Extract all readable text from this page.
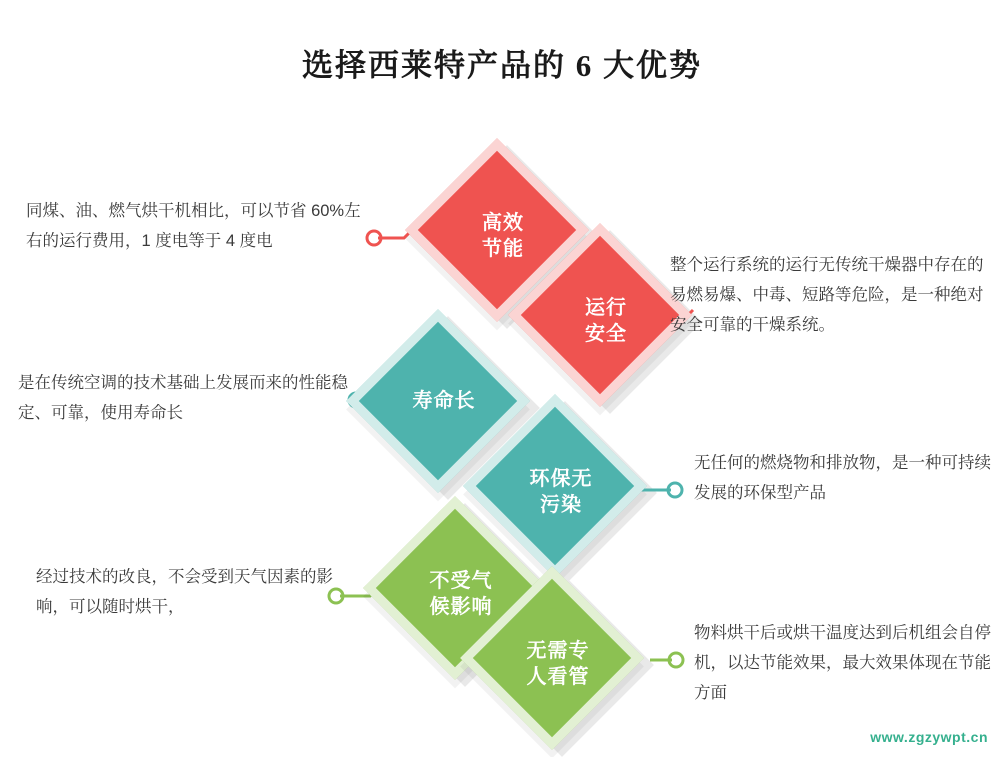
选择西莱特产品的 6 大优势
高效
节能
运行
安全
寿命长
环保无
污染
不受气
候影响
无需专
人看管
同煤、油、燃气烘干机相比，可以节省 60%左右的运行费用，1 度电等于 4 度电
整个运行系统的运行无传统干燥器中存在的易燃易爆、中毒、短路等危险，是一种绝对安全可靠的干燥系统。
是在传统空调的技术基础上发展而来的性能稳定、可靠，使用寿命长
无任何的燃烧物和排放物，是一种可持续发展的环保型产品
经过技术的改良，不会受到天气因素的影响，可以随时烘干，
物料烘干后或烘干温度达到后机组会自停机，以达节能效果，最大效果体现在节能方面
www.zgzywpt.cn
